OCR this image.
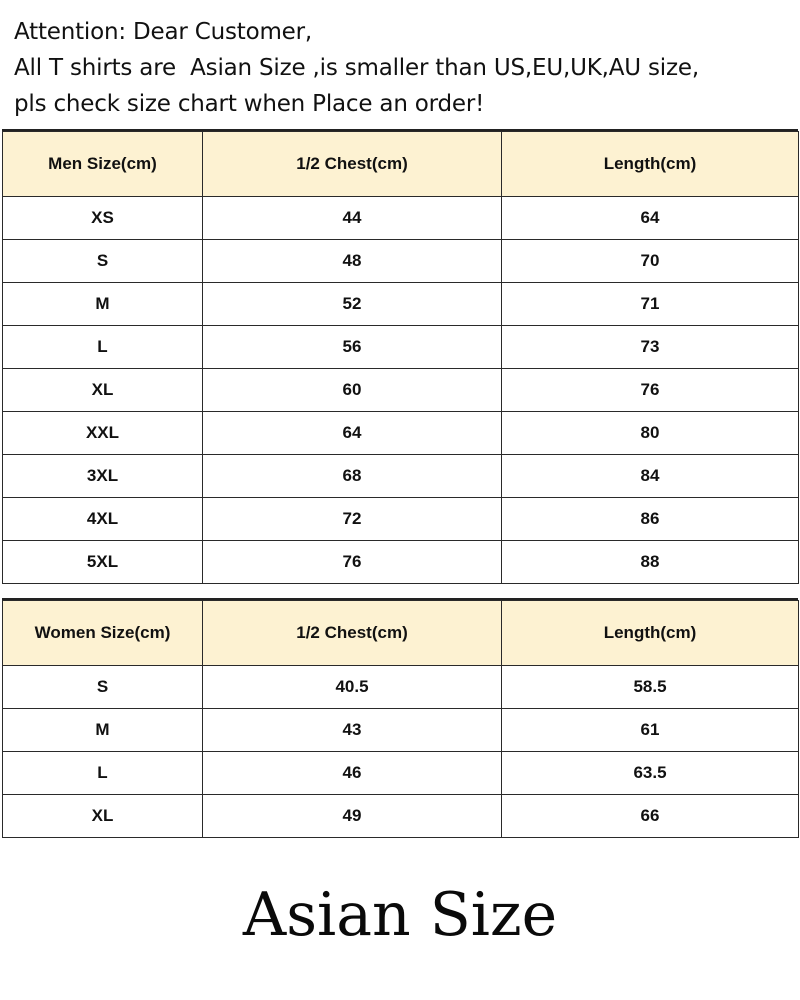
Attention: Dear Customer,
All T shirts are  Asian Size ,is smaller than US,EU,UK,AU size,
pls check size chart when Place an order!
Men Size(cm)	1/2 Chest(cm)	Length(cm)
XS	44	64
S	48	70
M	52	71
L	56	73
XL	60	76
XXL	64	80
3XL	68	84
4XL	72	86
5XL	76	88
Women Size(cm)	1/2 Chest(cm)	Length(cm)
S	40.5	58.5
M	43	61
L	46	63.5
XL	49	66
Asian Size
